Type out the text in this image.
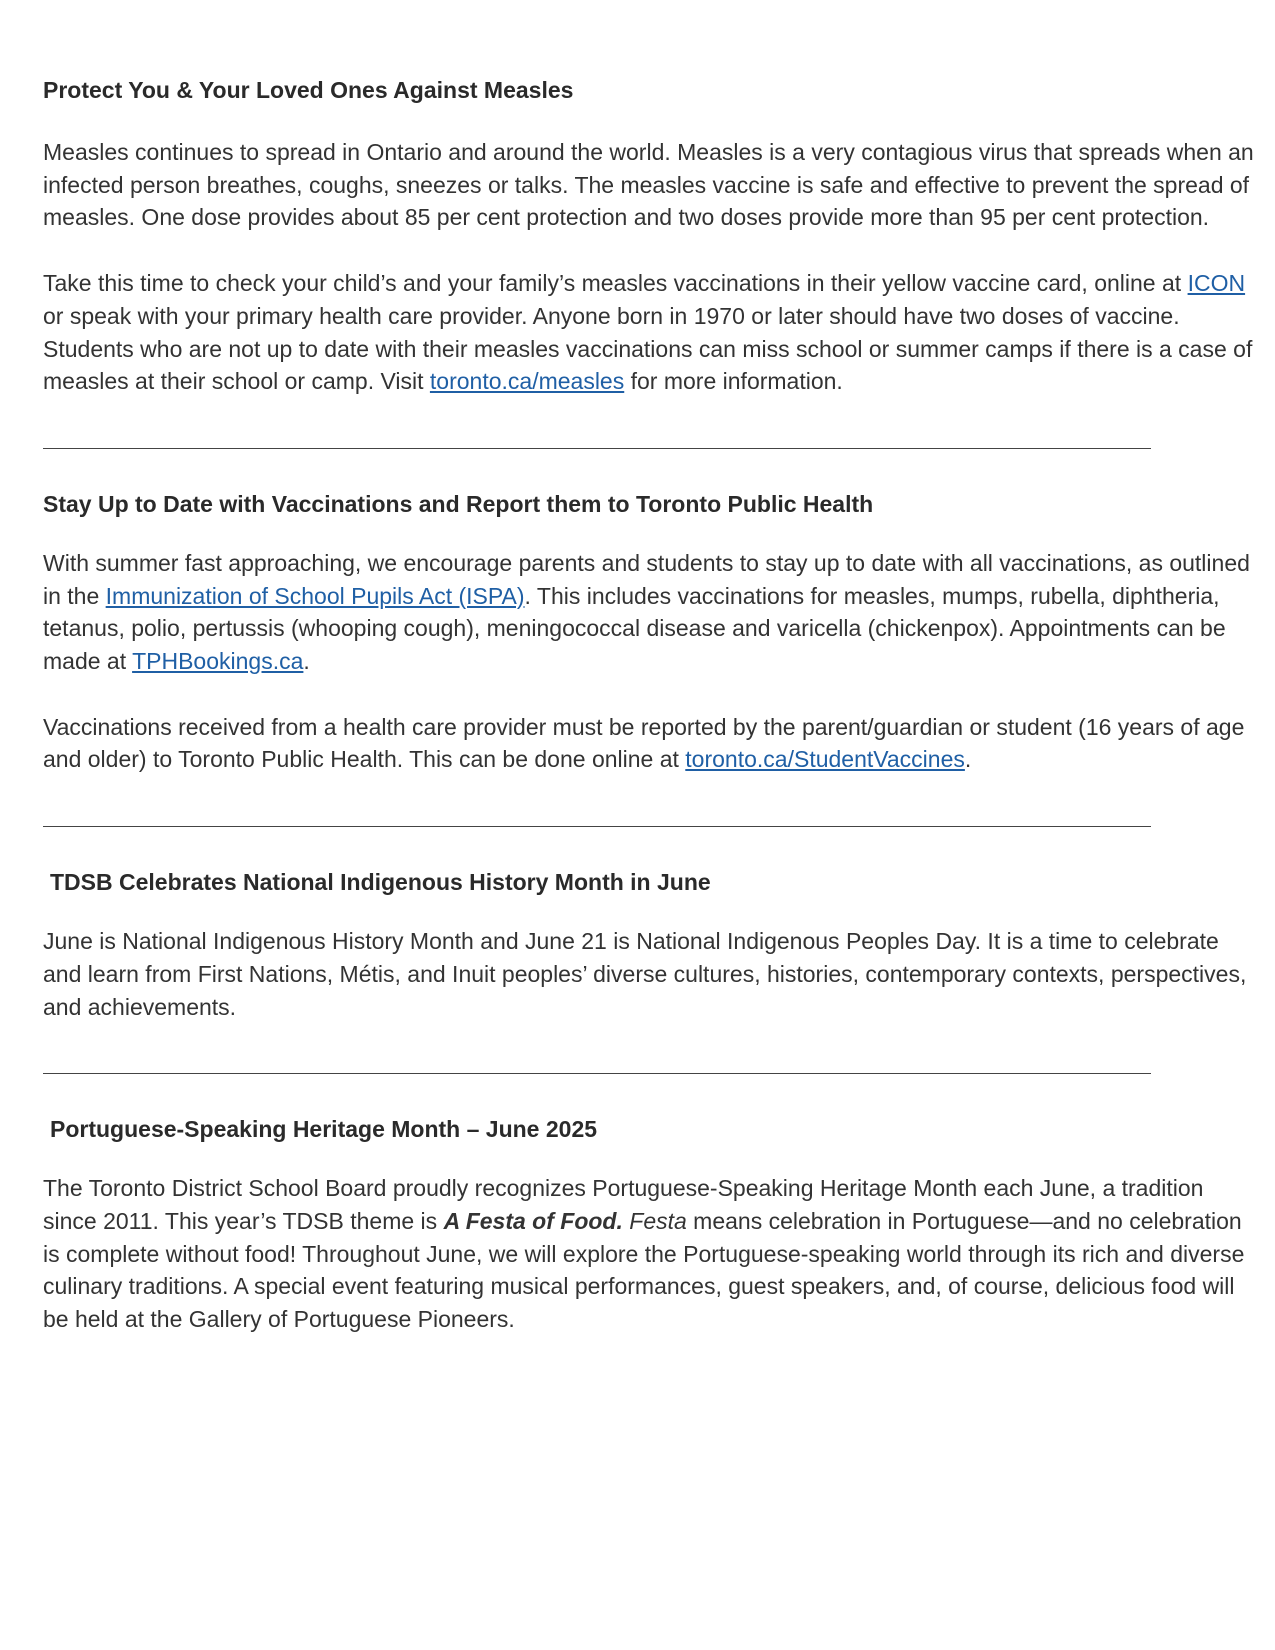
Protect You & Your Loved Ones Against Measles

Measles continues to spread in Ontario and around the world. Measles is a very contagious virus that spreads when an infected person breathes, coughs, sneezes or talks. The measles vaccine is safe and effective to prevent the spread of measles. One dose provides about 85 per cent protection and two doses provide more than 95 per cent protection.

Take this time to check your child’s and your family’s measles vaccinations in their yellow vaccine card, online at ICON or speak with your primary health care provider. Anyone born in 1970 or later should have two doses of vaccine. Students who are not up to date with their measles vaccinations can miss school or summer camps if there is a case of measles at their school or camp. Visit toronto.ca/measles for more information.

Stay Up to Date with Vaccinations and Report them to Toronto Public Health

With summer fast approaching, we encourage parents and students to stay up to date with all vaccinations, as outlined in the Immunization of School Pupils Act (ISPA). This includes vaccinations for measles, mumps, rubella, diphtheria, tetanus, polio, pertussis (whooping cough), meningococcal disease and varicella (chickenpox). Appointments can be made at TPHBookings.ca.

Vaccinations received from a health care provider must be reported by the parent/guardian or student (16 years of age and older) to Toronto Public Health. This can be done online at toronto.ca/StudentVaccines.

TDSB Celebrates National Indigenous History Month in June

June is National Indigenous History Month and June 21 is National Indigenous Peoples Day. It is a time to celebrate and learn from First Nations, Métis, and Inuit peoples’ diverse cultures, histories, contemporary contexts, perspectives, and achievements.

Portuguese-Speaking Heritage Month – June 2025

The Toronto District School Board proudly recognizes Portuguese-Speaking Heritage Month each June, a tradition since 2011. This year’s TDSB theme is A Festa of Food. Festa means celebration in Portuguese—and no celebration is complete without food! Throughout June, we will explore the Portuguese-speaking world through its rich and diverse culinary traditions. A special event featuring musical performances, guest speakers, and, of course, delicious food will be held at the Gallery of Portuguese Pioneers.
